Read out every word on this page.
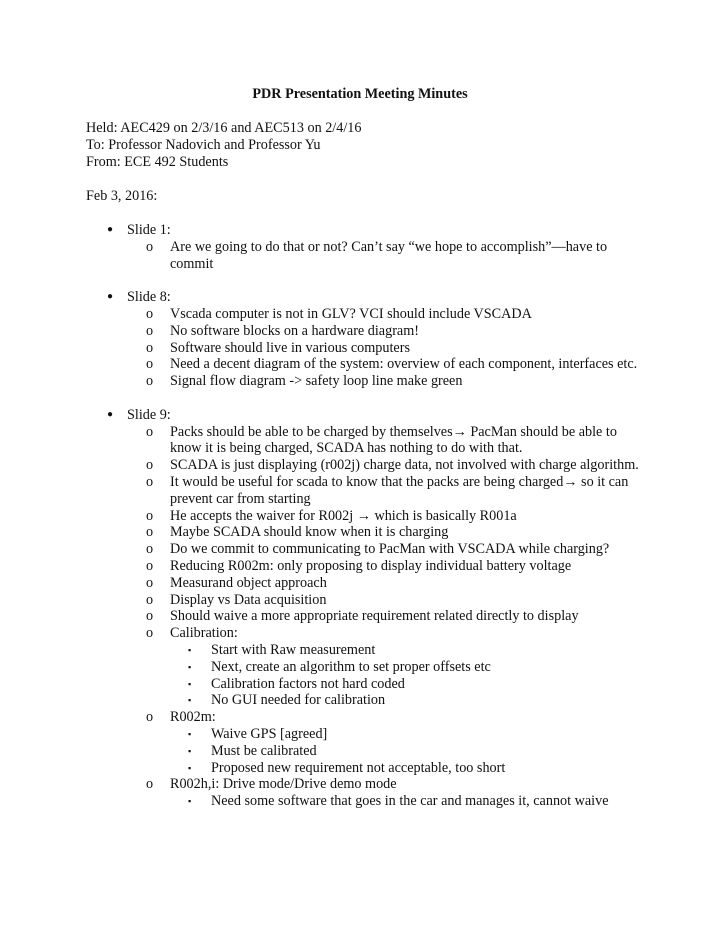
PDR Presentation Meeting Minutes
Held: AEC429 on 2/3/16 and AEC513 on 2/4/16
To: Professor Nadovich and Professor Yu
From: ECE 492 Students
Feb 3, 2016:
● Slide 1:
o Are we going to do that or not? Can’t say “we hope to accomplish”—have to commit
● Slide 8:
o Vscada computer is not in GLV? VCI should include VSCADA
o No software blocks on a hardware diagram!
o Software should live in various computers
o Need a decent diagram of the system: overview of each component, interfaces etc.
o Signal flow diagram -> safety loop line make green
● Slide 9:
o Packs should be able to be charged by themselves→ PacMan should be able to know it is being charged, SCADA has nothing to do with that.
o SCADA is just displaying (r002j) charge data, not involved with charge algorithm.
o It would be useful for scada to know that the packs are being charged→ so it can prevent car from starting
o He accepts the waiver for R002j → which is basically R001a
o Maybe SCADA should know when it is charging
o Do we commit to communicating to PacMan with VSCADA while charging?
o Reducing R002m: only proposing to display individual battery voltage
o Measurand object approach
o Display vs Data acquisition
o Should waive a more appropriate requirement related directly to display
o Calibration:
▪ Start with Raw measurement
▪ Next, create an algorithm to set proper offsets etc
▪ Calibration factors not hard coded
▪ No GUI needed for calibration
o R002m:
▪ Waive GPS [agreed]
▪ Must be calibrated
▪ Proposed new requirement not acceptable, too short
o R002h,i: Drive mode/Drive demo mode
▪ Need some software that goes in the car and manages it, cannot waive
